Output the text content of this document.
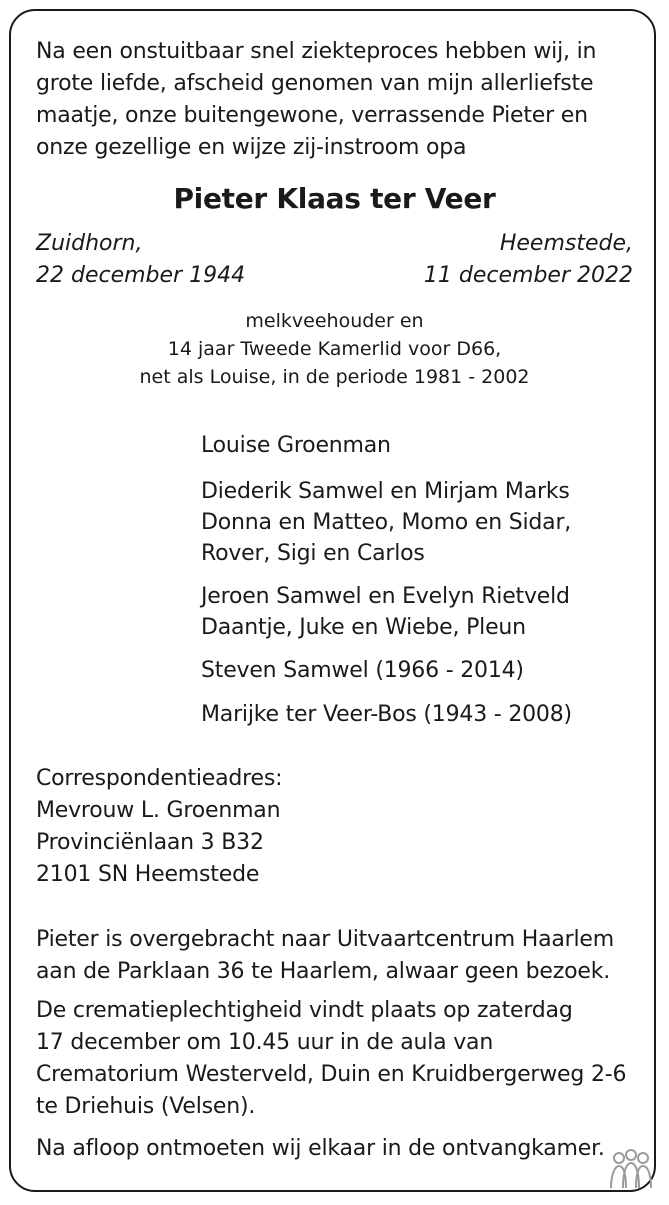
Na een onstuitbaar snel ziekteproces hebben wij, in
grote liefde, afscheid genomen van mijn allerliefste
maatje, onze buitengewone, verrassende Pieter en
onze gezellige en wijze zij-instroom opa
Pieter Klaas ter Veer
Zuidhorn,
22 december 1944
Heemstede,
11 december 2022
melkveehouder en
14 jaar Tweede Kamerlid voor D66,
net als Louise, in de periode 1981 - 2002
Louise Groenman
Diederik Samwel en Mirjam Marks
Donna en Matteo, Momo en Sidar,
Rover, Sigi en Carlos
Jeroen Samwel en Evelyn Rietveld
Daantje, Juke en Wiebe, Pleun
Steven Samwel (1966 - 2014)
Marijke ter Veer-Bos (1943 - 2008)
Correspondentieadres:
Mevrouw L. Groenman
Provinciënlaan 3 B32
2101 SN Heemstede
Pieter is overgebracht naar Uitvaartcentrum Haarlem
aan de Parklaan 36 te Haarlem, alwaar geen bezoek.
De crematieplechtigheid vindt plaats op zaterdag
17 december om 10.45 uur in de aula van
Crematorium Westerveld, Duin en Kruidbergerweg 2-6
te Driehuis (Velsen).
Na afloop ontmoeten wij elkaar in de ontvangkamer.
